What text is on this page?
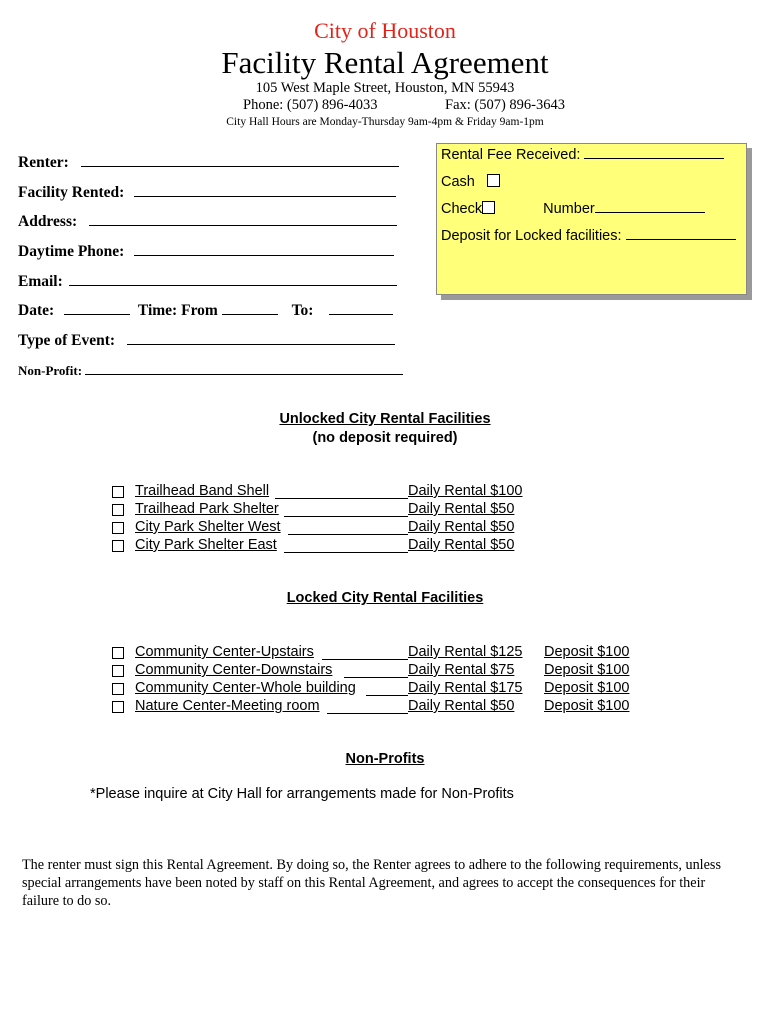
City of Houston
Facility Rental Agreement
105 West Maple Street, Houston, MN 55943
Phone: (507) 896-4033	Fax: (507) 896-3643
City Hall Hours are Monday-Thursday 9am-4pm & Friday 9am-1pm
Renter:
Facility Rented:
Address:
Daytime Phone:
Email:
Date:	Time: From	To:
Type of Event:
Non-Profit:
Rental Fee Received:
Cash
Check	Number
Deposit for Locked facilities:
Unlocked City Rental Facilities
(no deposit required)
Trailhead Band Shell	Daily Rental $100
Trailhead Park Shelter	Daily Rental $50
City Park Shelter West	Daily Rental $50
City Park Shelter East	Daily Rental $50
Locked City Rental Facilities
Community Center-Upstairs	Daily Rental $125 Deposit $100
Community Center-Downstairs	Daily Rental $75 Deposit $100
Community Center-Whole building	Daily Rental $175 Deposit $100
Nature Center-Meeting room	Daily Rental $50 Deposit $100
Non-Profits
*Please inquire at City Hall for arrangements made for Non-Profits
The renter must sign this Rental Agreement. By doing so, the Renter agrees to adhere to the following requirements, unless special arrangements have been noted by staff on this Rental Agreement, and agrees to accept the consequences for their failure to do so.
